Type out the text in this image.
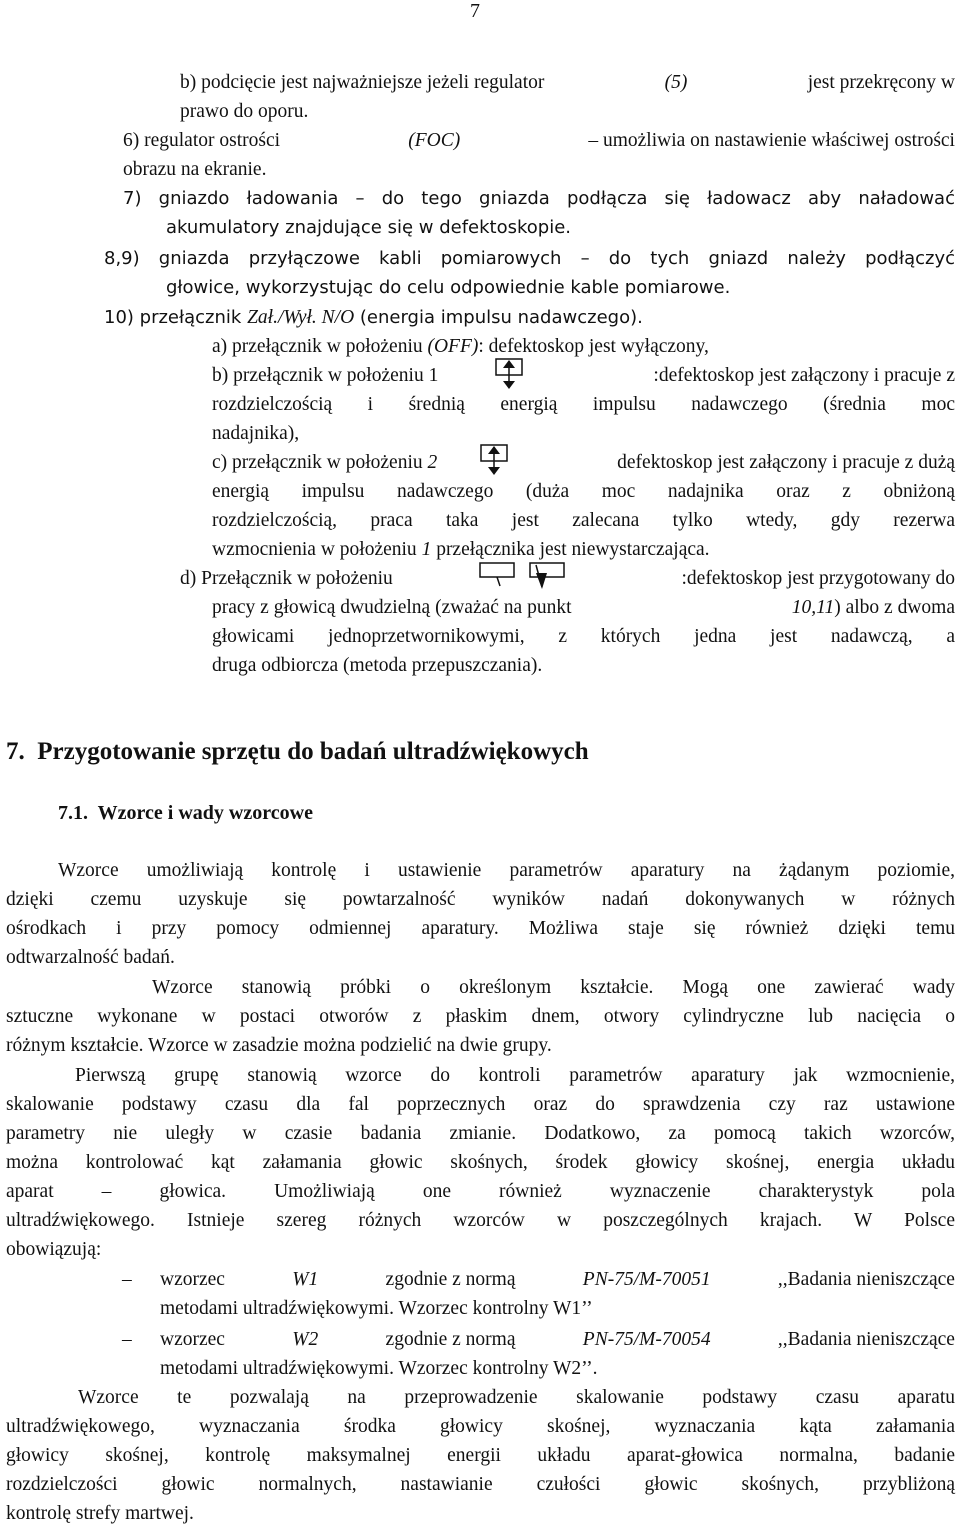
7
b) podcięcie jest najważniejsze jeżeli regulator	(5)	jest przekręcony w
prawo do oporu.
6) regulator ostrości	(FOC)	– umożliwia on nastawienie właściwej ostrości
obrazu na ekranie.
7) gniazdo ładowania – do tego gniazda podłącza się ładowacz aby naładować
akumulatory znajdujące się w defektoskopie.
8,9) gniazda przyłączowe kabli pomiarowych – do tych gniazd należy podłączyć
głowice, wykorzystując do celu odpowiednie kable pomiarowe.
10) przełącznik Zał./Wył. N/O (energia impulsu nadawczego).
a) przełącznik w położeniu (OFF): defektoskop jest wyłączony,
b) przełącznik w położeniu 1	:defektoskop jest załączony i pracuje z
rozdzielczością i średnią energią impulsu nadawczego (średnia moc
nadajnika),
c) przełącznik w położeniu 2	defektoskop jest załączony i pracuje z dużą
energią impulsu nadawczego (duża moc nadajnika oraz z obniżoną
rozdzielczością, praca taka jest zalecana tylko wtedy, gdy rezerwa
wzmocnienia w położeniu 1 przełącznika jest niewystarczająca.
d) Przełącznik w położeniu	:defektoskop jest przygotowany do
pracy z głowicą dwudzielną (zważać na punkt	10,11) albo z dwoma
głowicami jednoprzetwornikowymi, z których jedna jest nadawczą, a
druga odbiorcza (metoda przepuszczania).
7.  Przygotowanie sprzętu do badań ultradźwiękowych
7.1.  Wzorce i wady wzorcowe
Wzorce umożliwiają kontrolę i ustawienie parametrów aparatury na żądanym poziomie,
dzięki czemu uzyskuje się powtarzalność wyników nadań dokonywanych w różnych
ośrodkach i przy pomocy odmiennej aparatury. Możliwa staje się również dzięki temu
odtwarzalność badań.
Wzorce stanowią próbki o określonym kształcie. Mogą one zawierać wady
sztuczne wykonane w postaci otworów z płaskim dnem, otwory cylindryczne lub nacięcia o
różnym kształcie. Wzorce w zasadzie można podzielić na dwie grupy.
Pierwszą grupę stanowią wzorce do kontroli parametrów aparatury jak wzmocnienie,
skalowanie podstawy czasu dla fal poprzecznych oraz do sprawdzenia czy raz ustawione
parametry nie uległy w czasie badania zmianie. Dodatkowo, za pomocą takich wzorców,
można kontrolować kąt załamania głowic skośnych, środek głowicy skośnej, energia układu
aparat – głowica. Umożliwiają one również wyznaczenie charakterystyk pola
ultradźwiękowego. Istnieje szereg różnych wzorców w poszczególnych krajach. W Polsce
obowiązują:
– wzorzec	W1	zgodnie z normą	PN-75/M-70051	,,Badania nieniszczące
metodami ultradźwiękowymi. Wzorzec kontrolny W1’’
– wzorzec	W2	zgodnie z normą	PN-75/M-70054	,,Badania nieniszczące
metodami ultradźwiękowymi. Wzorzec kontrolny W2’’.
Wzorce te pozwalają na przeprowadzenie skalowanie podstawy czasu aparatu
ultradźwiękowego, wyznaczania środka głowicy skośnej, wyznaczania kąta załamania
głowicy skośnej, kontrolę maksymalnej energii układu aparat-głowica normalna, badanie
rozdzielczości głowic normalnych, nastawianie czułości głowic skośnych, przybliżoną
kontrolę strefy martwej.
